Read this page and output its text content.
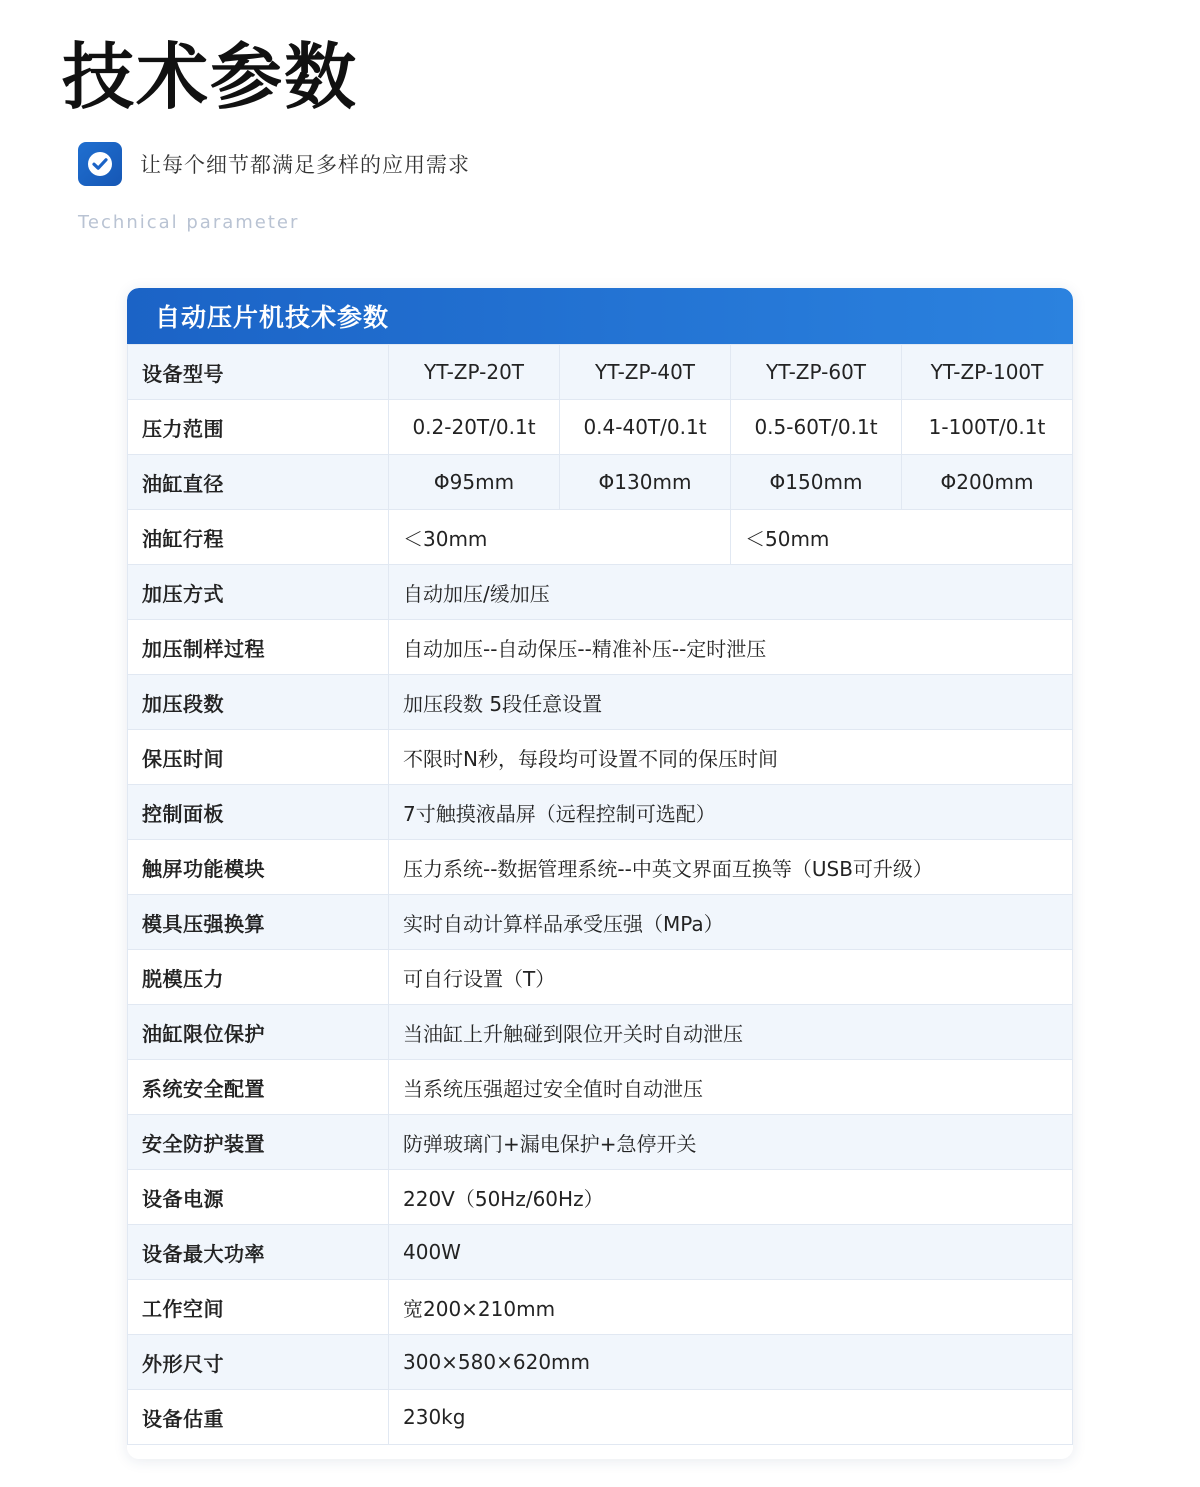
技术参数
让每个细节都满足多样的应用需求
Technical parameter
自动压片机技术参数
设备型号	YT-ZP-20T	YT-ZP-40T	YT-ZP-60T	YT-ZP-100T
压力范围	0.2-20T/0.1t	0.4-40T/0.1t	0.5-60T/0.1t	1-100T/0.1t
油缸直径	Φ95mm	Φ130mm	Φ150mm	Φ200mm
油缸行程	＜30mm		＜50mm	
加压方式	自动加压/缓加压			
加压制样过程	自动加压--自动保压--精准补压--定时泄压			
加压段数	加压段数 5段任意设置			
保压时间	不限时N秒，每段均可设置不同的保压时间			
控制面板	7寸触摸液晶屏（远程控制可选配）			
触屏功能模块	压力系统--数据管理系统--中英文界面互换等（USB可升级）			
模具压强换算	实时自动计算样品承受压强（MPa）			
脱模压力	可自行设置（T）			
油缸限位保护	当油缸上升触碰到限位开关时自动泄压			
系统安全配置	当系统压强超过安全值时自动泄压			
安全防护装置	防弹玻璃门+漏电保护+急停开关			
设备电源	220V（50Hz/60Hz）			
设备最大功率	400W			
工作空间	宽200×210mm			
外形尺寸	300×580×620mm			
设备估重	230kg			
